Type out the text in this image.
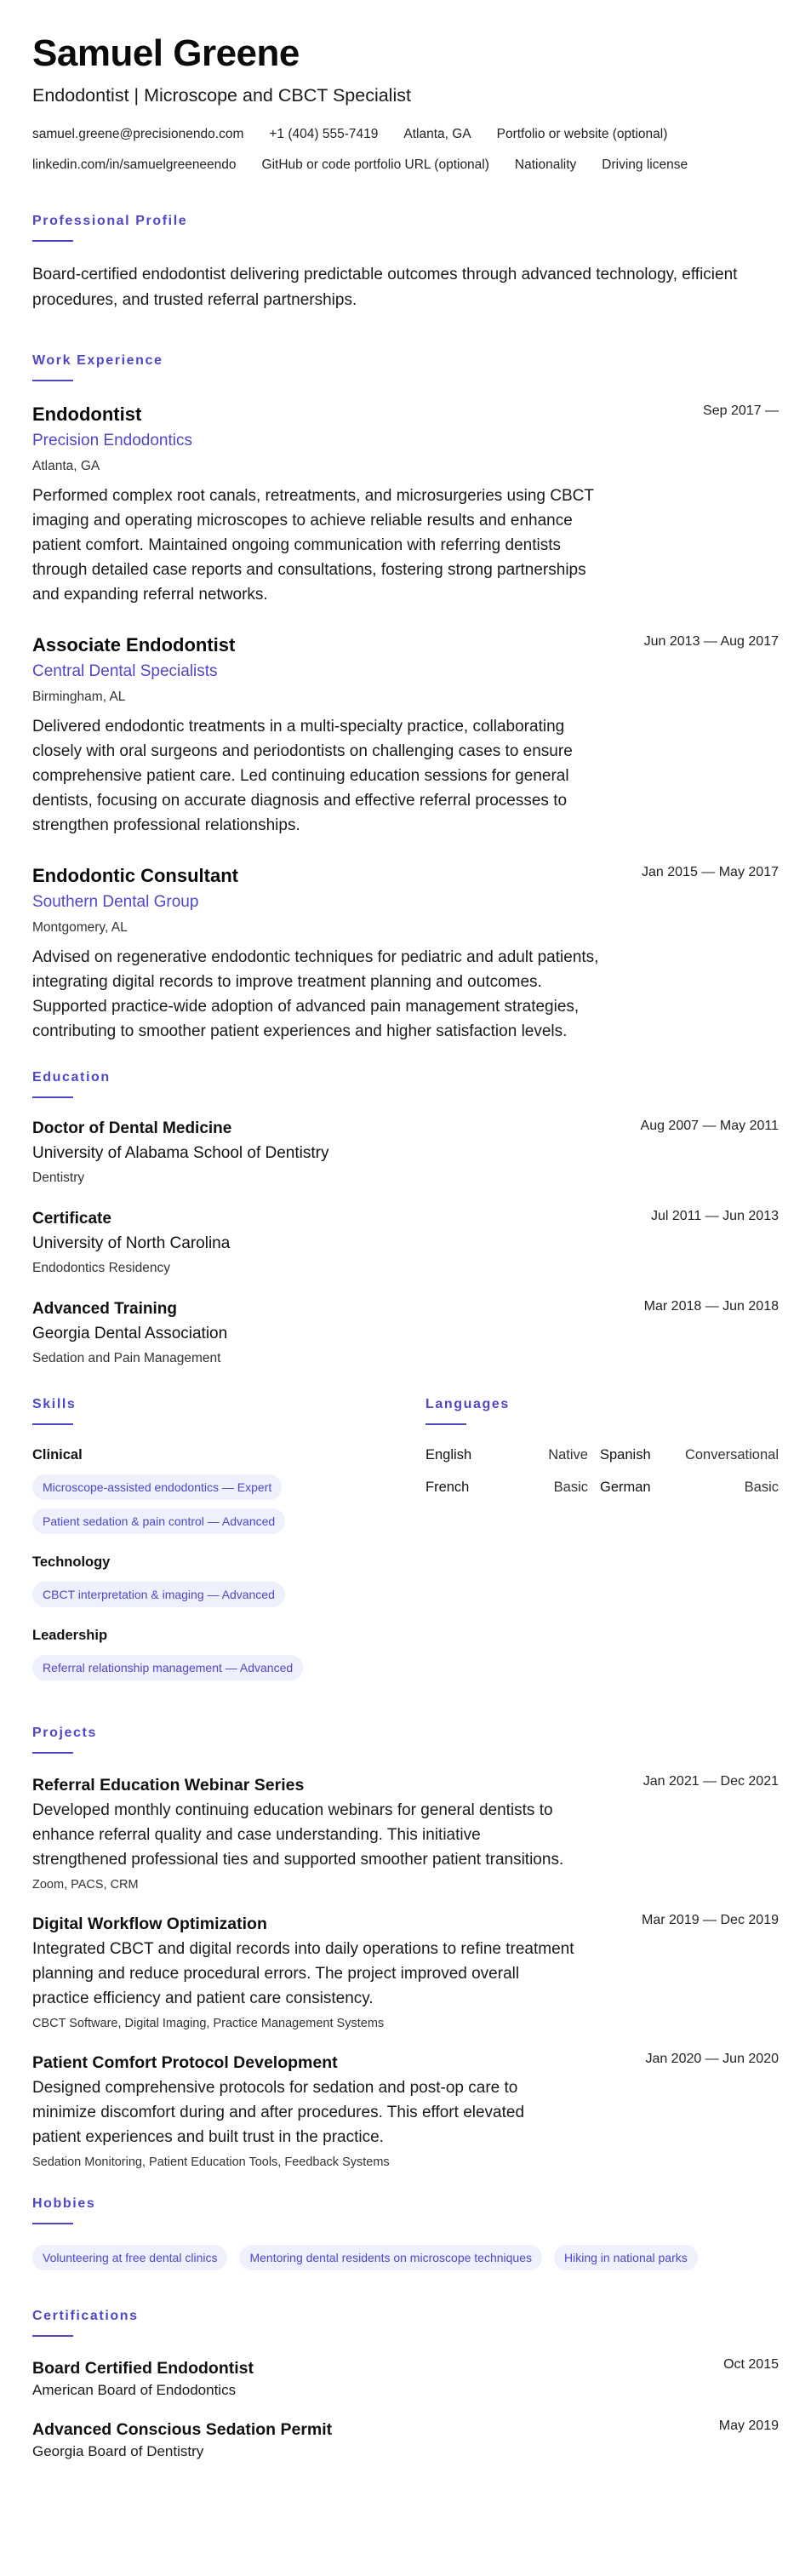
Samuel Greene
Endodontist | Microscope and CBCT Specialist
samuel.greene@precisionendo.com +1 (404) 555-7419 Atlanta, GA Portfolio or website (optional)
linkedin.com/in/samuelgreeneendo GitHub or code portfolio URL (optional) Nationality Driving license
Professional Profile

Board-certified endodontist delivering predictable outcomes through advanced technology, efficient procedures, and trusted referral partnerships.

Work Experience
Sep 2017 —
Endodontist
Precision Endodontics
Atlanta, GA

Performed complex root canals, retreatments, and microsurgeries using CBCT imaging and operating microscopes to achieve reliable results and enhance patient comfort. Maintained ongoing communication with referring dentists through detailed case reports and consultations, fostering strong partnerships and expanding referral networks.

Jun 2013 — Aug 2017
Associate Endodontist
Central Dental Specialists
Birmingham, AL

Delivered endodontic treatments in a multi-specialty practice, collaborating closely with oral surgeons and periodontists on challenging cases to ensure comprehensive patient care. Led continuing education sessions for general dentists, focusing on accurate diagnosis and effective referral processes to strengthen professional relationships.

Jan 2015 — May 2017
Endodontic Consultant
Southern Dental Group
Montgomery, AL

Advised on regenerative endodontic techniques for pediatric and adult patients, integrating digital records to improve treatment planning and outcomes. Supported practice-wide adoption of advanced pain management strategies, contributing to smoother patient experiences and higher satisfaction levels.

Education
Aug 2007 — May 2011
Doctor of Dental Medicine
University of Alabama School of Dentistry
Dentistry
Jul 2011 — Jun 2013
Certificate
University of North Carolina
Endodontics Residency
Mar 2018 — Jun 2018
Advanced Training
Georgia Dental Association
Sedation and Pain Management
Skills
Clinical
Microscope-assisted endodontics — Expert
Patient sedation & pain control — Advanced
Technology
CBCT interpretation & imaging — Advanced
Leadership
Referral relationship management — Advanced
Languages
English	Native Spanish Conversational
French	Basic German	Basic
Projects
Jan 2021 — Dec 2021
Referral Education Webinar Series

Developed monthly continuing education webinars for general dentists to enhance referral quality and case understanding. This initiative strengthened professional ties and supported smoother patient transitions.

Zoom, PACS, CRM
Mar 2019 — Dec 2019
Digital Workflow Optimization

Integrated CBCT and digital records into daily operations to refine treatment planning and reduce procedural errors. The project improved overall practice efficiency and patient care consistency.

CBCT Software, Digital Imaging, Practice Management Systems
Jan 2020 — Jun 2020
Patient Comfort Protocol Development

Designed comprehensive protocols for sedation and post-op care to minimize discomfort during and after procedures. This effort elevated patient experiences and built trust in the practice.

Sedation Monitoring, Patient Education Tools, Feedback Systems
Hobbies
Volunteering at free dental clinics	Mentoring dental residents on microscope techniques	Hiking in national parks
Certifications
Oct 2015
Board Certified Endodontist
American Board of Endodontics
May 2019
Advanced Conscious Sedation Permit
Georgia Board of Dentistry
